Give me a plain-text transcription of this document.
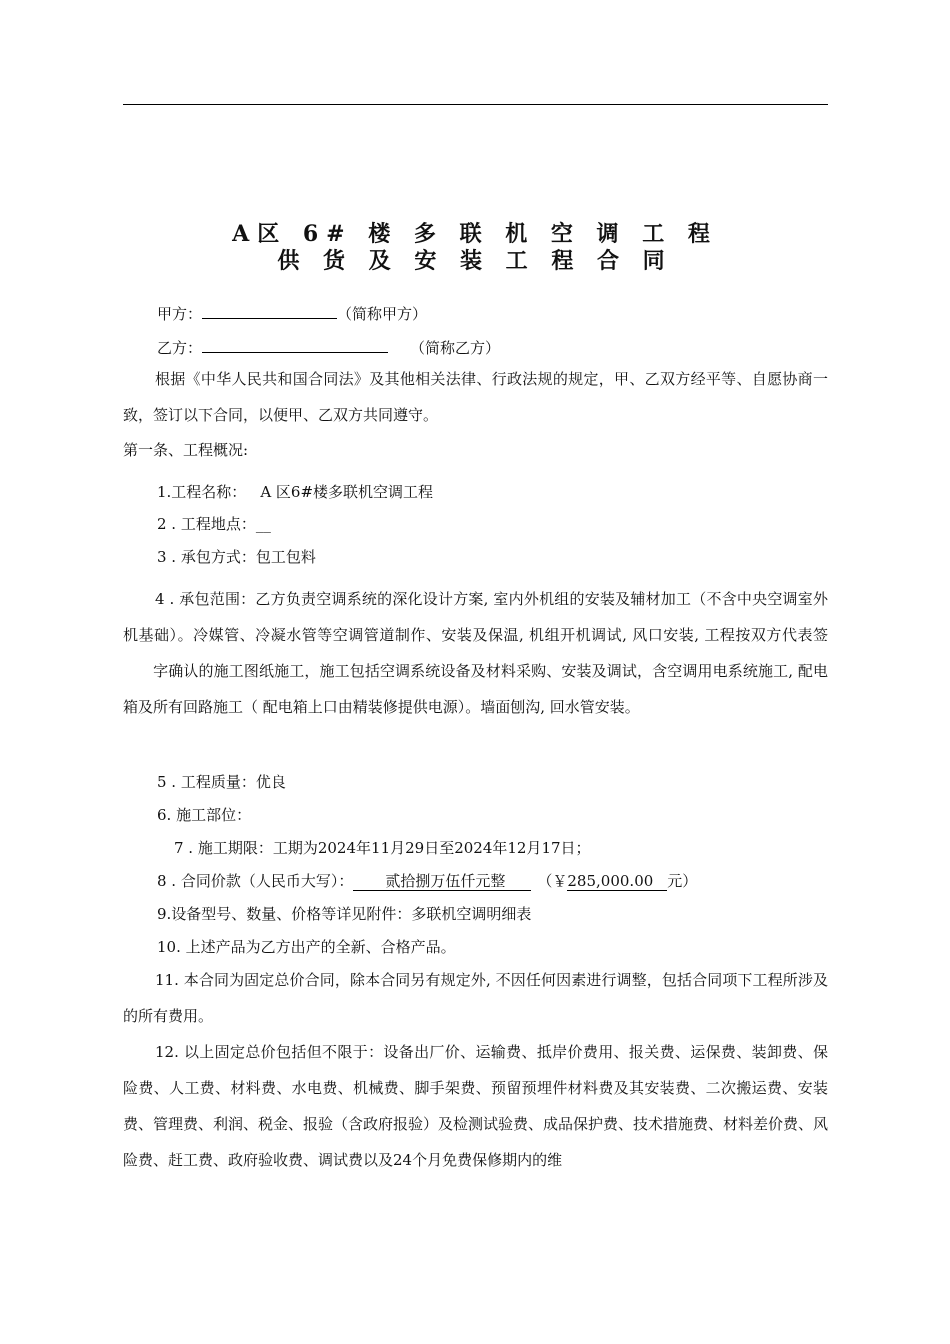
A区 6# 楼 多 联 机 空 调 工 程
供 货 及 安 装 工 程 合 同
甲方：	（简称甲方）
乙方：	（简称乙方）
根据《中华人民共和国合同法》及其他相关法律、行政法规的规定，甲、乙双方经平等、自愿协商一致，签订以下合同，以便甲、乙双方共同遵守。
第一条、工程概况:
1.工程名称： A 区6#楼多联机空调工程
2 . 工程地点：__
3 . 承包方式：包工包料
4 . 承包范围：乙方负责空调系统的深化设计方案, 室内外机组的安装及辅材加工（不含中央空调室外机基础）。冷媒管、冷凝水管等空调管道制作、安装及保温, 机组开机调试, 风口安装, 工程按双方代表签字确认的施工图纸施工，施工包括空调系统设备及材料采购、安装及调试，含空调用电系统施工, 配电箱及所有回路施工（ 配电箱上口由精装修提供电源）。墙面刨沟, 回水管安装。
5 . 工程质量：优良
6. 施工部位：
7 . 施工期限：工期为2024年11月29日至2024年12月17日；
8 . 合同价款（人民币大写）： 贰拾捌万伍仟元整 （￥285,000.00 元）
9.设备型号、数量、价格等详见附件：多联机空调明细表
10. 上述产品为乙方出产的全新、合格产品。
11. 本合同为固定总价合同，除本合同另有规定外, 不因任何因素进行调整，包括合同项下工程所涉及的所有费用。
12. 以上固定总价包括但不限于：设备出厂价、运输费、抵岸价费用、报关费、运保费、装卸费、保险费、人工费、材料费、水电费、机械费、脚手架费、预留预埋件材料费及其安装费、二次搬运费、安装费、管理费、利润、税金、报验（含政府报验）及检测试验费、成品保护费、技术措施费、材料差价费、风险费、赶工费、政府验收费、调试费以及24个月免费保修期内的维
